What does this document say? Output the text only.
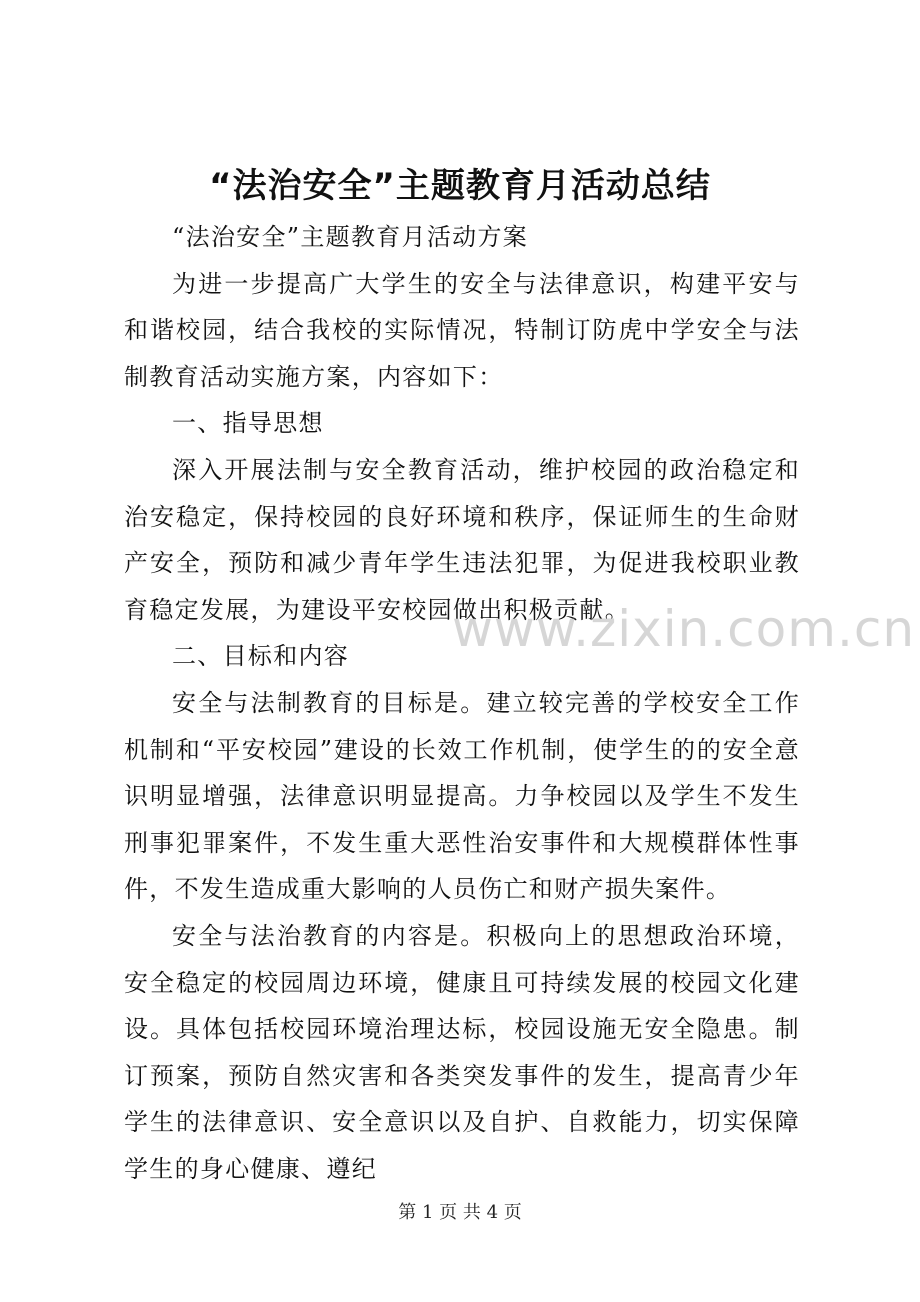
“法治安全”主题教育月活动总结

“法治安全”主题教育月活动方案

为进一步提高广大学生的安全与法律意识，构建平安与和谐校园，结合我校的实际情况，特制订防虎中学安全与法制教育活动实施方案，内容如下：

一、指导思想

深入开展法制与安全教育活动，维护校园的政治稳定和治安稳定，保持校园的良好环境和秩序，保证师生的生命财产安全，预防和减少青年学生违法犯罪，为促进我校职业教育稳定发展，为建设平安校园做出积极贡献。

二、目标和内容

安全与法制教育的目标是。建立较完善的学校安全工作机制和“平安校园”建设的长效工作机制，使学生的的安全意识明显增强，法律意识明显提高。力争校园以及学生不发生刑事犯罪案件，不发生重大恶性治安事件和大规模群体性事件，不发生造成重大影响的人员伤亡和财产损失案件。

安全与法治教育的内容是。积极向上的思想政治环境，安全稳定的校园周边环境，健康且可持续发展的校园文化建设。具体包括校园环境治理达标，校园设施无安全隐患。制订预案，预防自然灾害和各类突发事件的发生，提高青少年学生的法律意识、安全意识以及自护、自救能力，切实保障学生的身心健康、遵纪

www.zixin.com.cn
第 1 页 共 4 页
